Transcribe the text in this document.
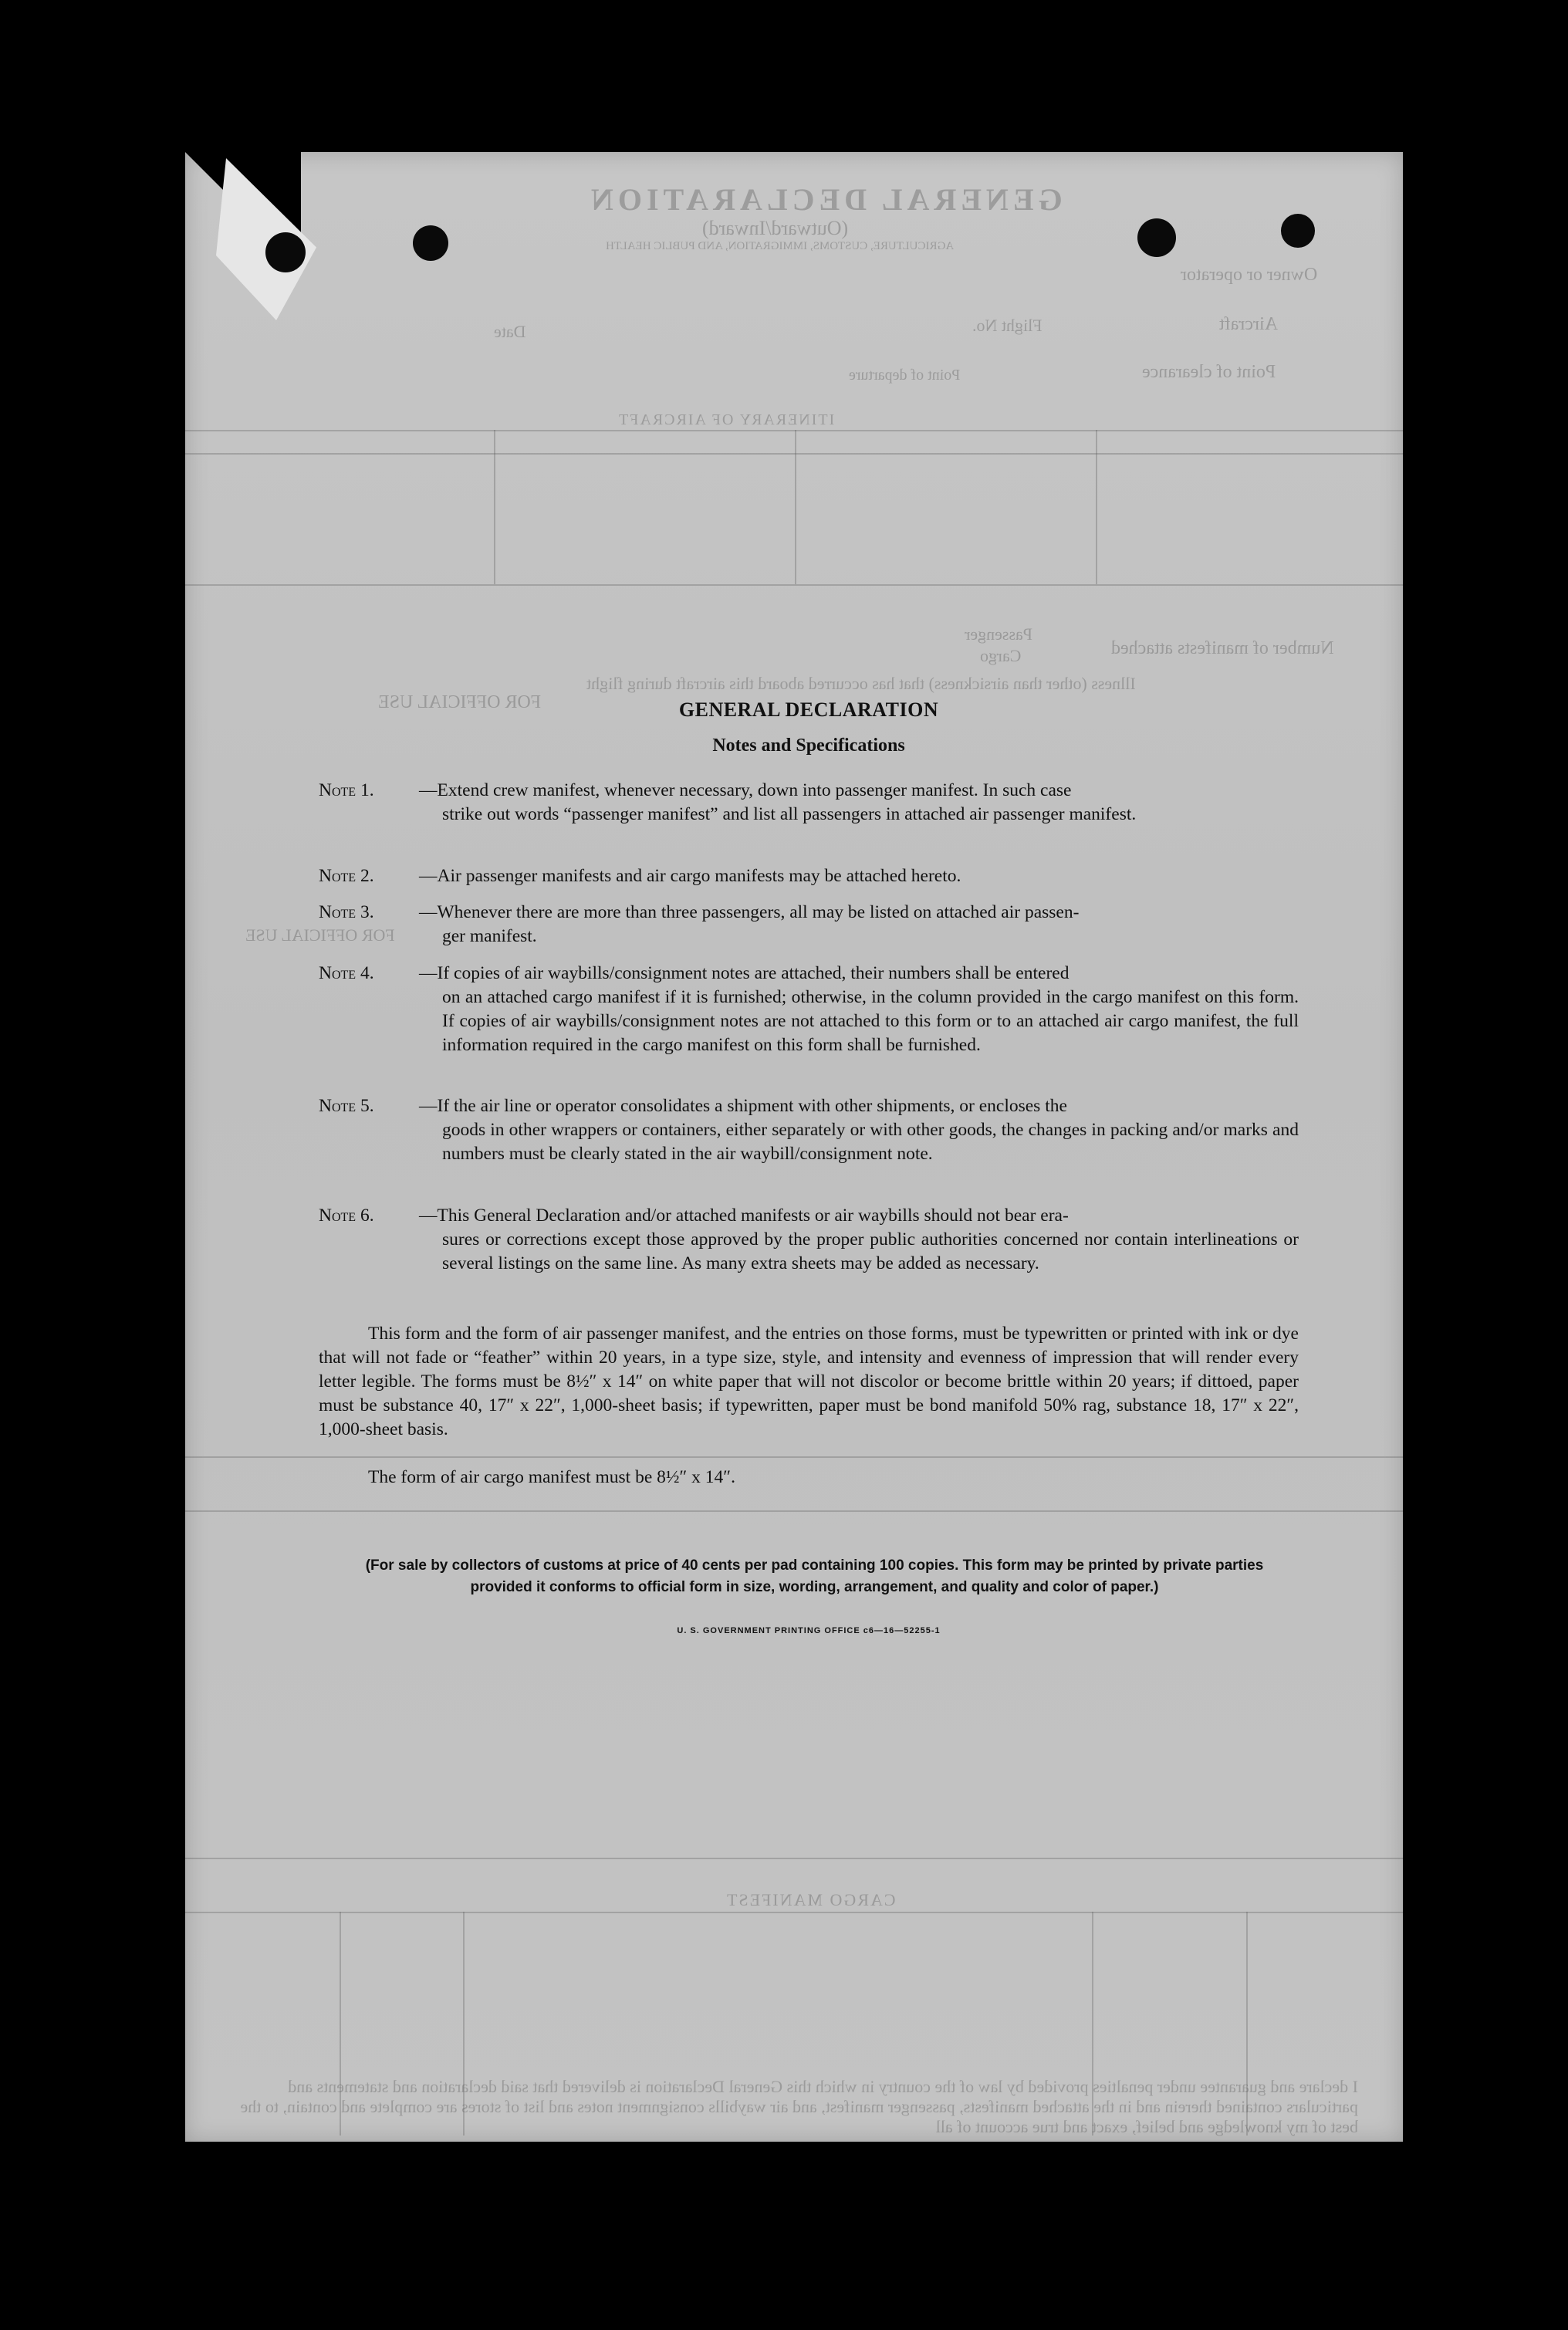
GENERAL DECLARATION
(Outward/Inward)
AGRICULTURE, CUSTOMS, IMMIGRATION, AND PUBLIC HEALTH
Owner or operator
Aircraft
Flight No.
Date
Point of clearance
Point of departure
ITINERARY OF AIRCRAFT
Number of manifests attached
Passenger
Cargo
Illness (other than airsickness) that has occurred aboard this aircraft during flight
FOR OFFICIAL USE
FOR OFFICIAL USE
CARGO MANIFEST
I declare and guarantee under penalties provided by law of the country in which this General Declaration is delivered that said declaration and statements and particulars contained therein and in the attached manifests, passenger manifest, and air waybills consignment notes and list of stores are complete and contain, to the best of my knowledge and belief, exact and true account of all
GENERAL DECLARATION
Notes and Specifications
Note 1. —Extend crew manifest, whenever necessary, down into passenger manifest. In such case
strike out words “passenger manifest” and list all passengers in attached air passenger manifest.
Note 2. —Air passenger manifests and air cargo manifests may be attached hereto.
Note 3. —Whenever there are more than three passengers, all may be listed on attached air passen-
ger manifest.
Note 4. —If copies of air waybills/consignment notes are attached, their numbers shall be entered
on an attached cargo manifest if it is furnished; otherwise, in the column provided in the cargo manifest on this form. If copies of air waybills/consignment notes are not attached to this form or to an attached air cargo manifest, the full information required in the cargo manifest on this form shall be furnished.
Note 5. —If the air line or operator consolidates a shipment with other shipments, or encloses the
goods in other wrappers or containers, either separately or with other goods, the changes in packing and/or marks and numbers must be clearly stated in the air waybill/consignment note.
Note 6. —This General Declaration and/or attached manifests or air waybills should not bear era-
sures or corrections except those approved by the proper public authorities concerned nor contain interlineations or several listings on the same line. As many extra sheets may be added as necessary.
This form and the form of air passenger manifest, and the entries on those forms, must be typewritten or printed with ink or dye that will not fade or “feather” within 20 years, in a type size, style, and intensity and evenness of impression that will render every letter legible. The forms must be 8½″ x 14″ on white paper that will not discolor or become brittle within 20 years; if dittoed, paper must be substance 40, 17″ x 22″, 1,000-sheet basis; if typewritten, paper must be bond manifold 50% rag, substance 18, 17″ x 22″, 1,000-sheet basis.
The form of air cargo manifest must be 8½″ x 14″.
(For sale by collectors of customs at price of 40 cents per pad containing 100 copies. This form may be printed by private parties provided it conforms to official form in size, wording, arrangement, and quality and color of paper.)
U. S. GOVERNMENT PRINTING OFFICE c6—16—52255-1
